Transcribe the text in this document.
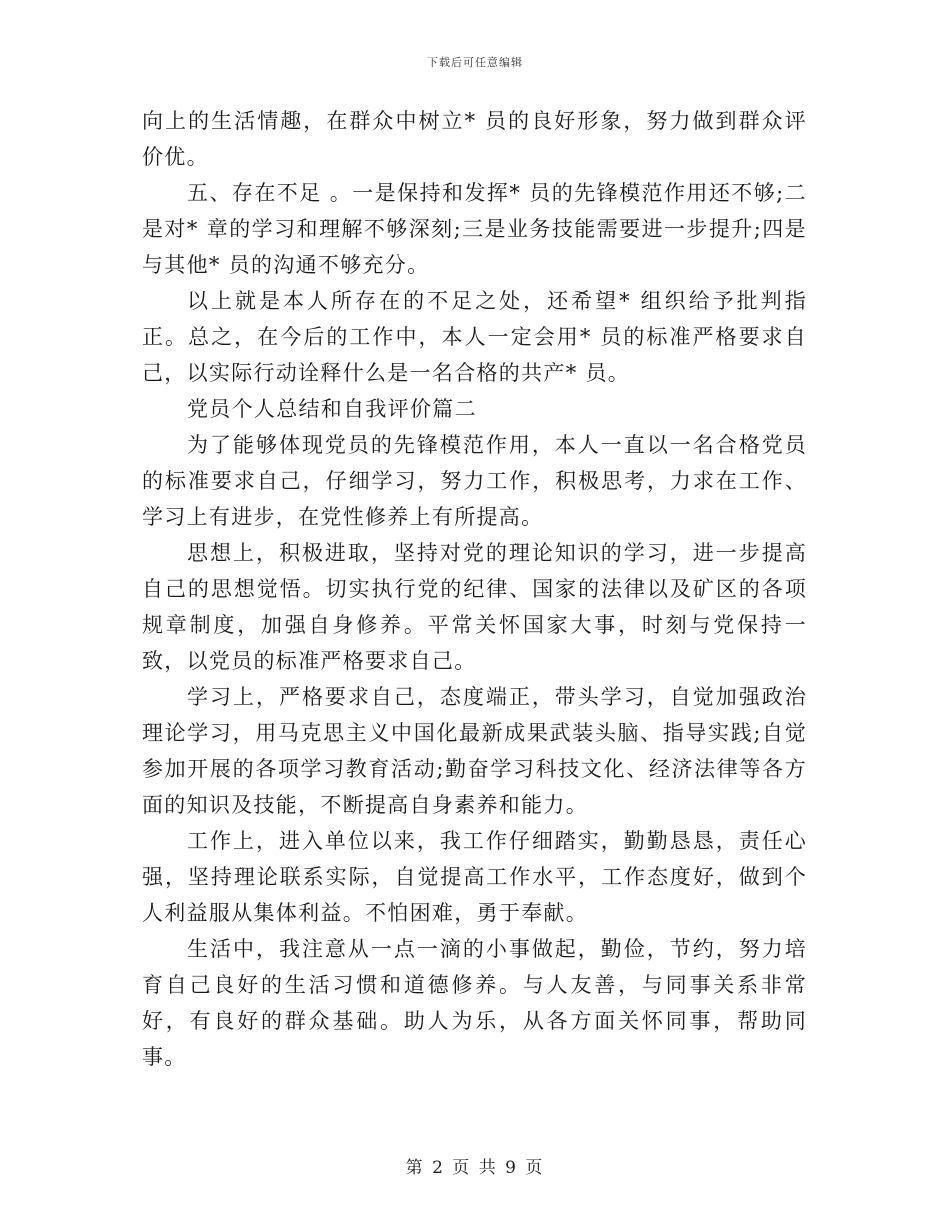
下载后可任意编辑

向上的生活情趣，在群众中树立* 员的良好形象，努力做到群众评价优。

五、存在不足 。一是保持和发挥* 员的先锋模范作用还不够;二是对* 章的学习和理解不够深刻;三是业务技能需要进一步提升;四是与其他* 员的沟通不够充分。

以上就是本人所存在的不足之处，还希望* 组织给予批判指正。总之，在今后的工作中，本人一定会用* 员的标准严格要求自己，以实际行动诠释什么是一名合格的共产* 员。

党员个人总结和自我评价篇二

为了能够体现党员的先锋模范作用，本人一直以一名合格党员的标准要求自己，仔细学习，努力工作，积极思考，力求在工作、学习上有进步，在党性修养上有所提高。

思想上，积极进取，坚持对党的理论知识的学习，进一步提高自己的思想觉悟。切实执行党的纪律、国家的法律以及矿区的各项规章制度，加强自身修养。平常关怀国家大事，时刻与党保持一致，以党员的标准严格要求自己。

学习上，严格要求自己，态度端正，带头学习，自觉加强政治理论学习，用马克思主义中国化最新成果武装头脑、指导实践;自觉参加开展的各项学习教育活动;勤奋学习科技文化、经济法律等各方面的知识及技能，不断提高自身素养和能力。

工作上，进入单位以来，我工作仔细踏实，勤勤恳恳，责任心强，坚持理论联系实际，自觉提高工作水平，工作态度好，做到个人利益服从集体利益。不怕困难，勇于奉献。

生活中，我注意从一点一滴的小事做起，勤俭，节约，努力培育自己良好的生活习惯和道德修养。与人友善，与同事关系非常好，有良好的群众基础。助人为乐，从各方面关怀同事，帮助同事。

第 2 页 共 9 页
